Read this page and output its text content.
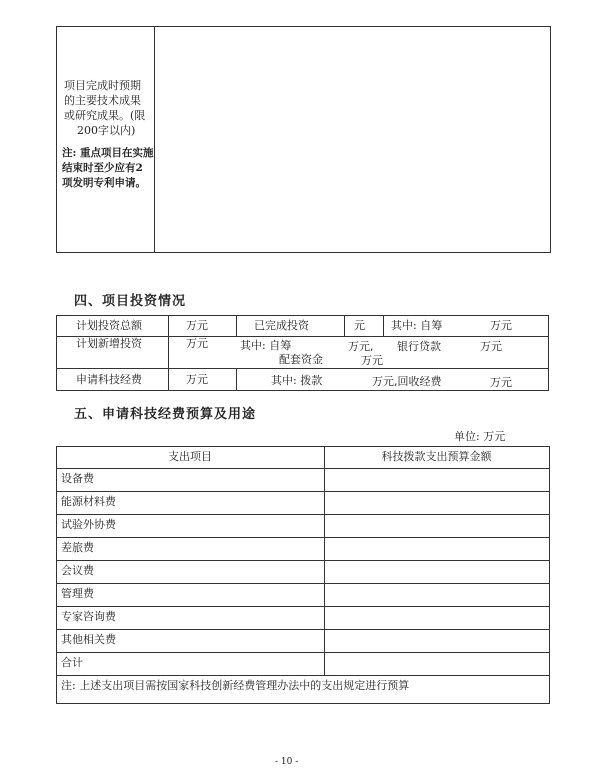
项目完成时预期
的主要技术成果
或研究成果。(限
200字以内)
注: 重点项目在实施
结束时至少应有2
项发明专利申请。
四、项目投资情况
计划投资总额	万元	已完成投资	元 其中: 自筹	万元
计划新增投资	万元	其中: 自筹	万元, 银行贷款	万元
配套资金	万元
申请科技经费	万元	其中: 拨款	万元,回收经费	万元
五、申请科技经费预算及用途
单位: 万元
支出项目	科技拨款支出预算金额
设备费
能源材料费
试验外协费
差旅费
会议费
管理费
专家咨询费
其他相关费
合计
注: 上述支出项目需按国家科技创新经费管理办法中的支出规定进行预算
- 10 -
